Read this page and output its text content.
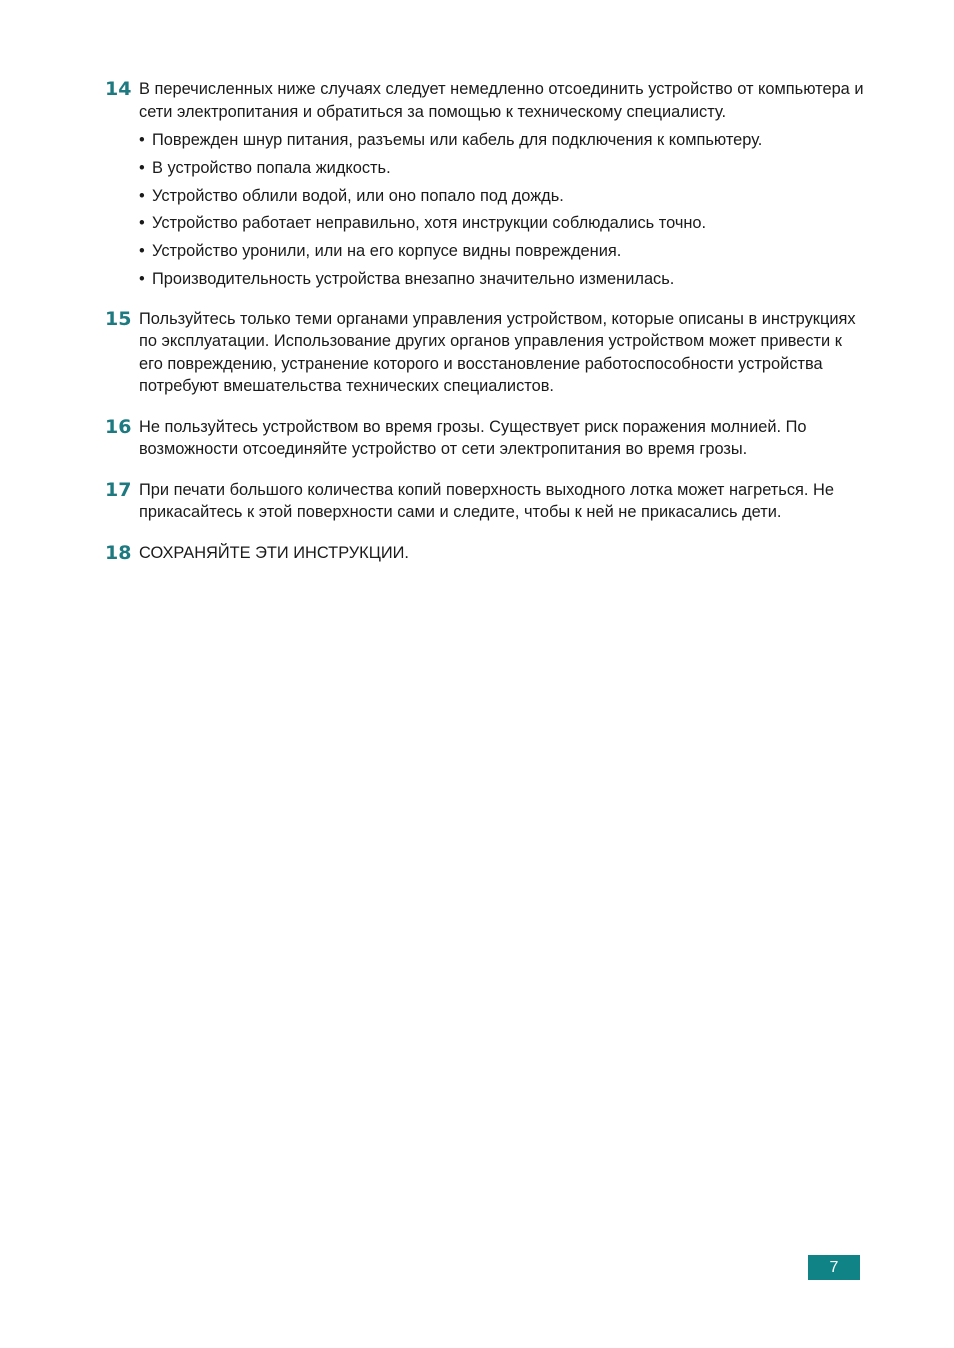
14 В перечисленных ниже случаях следует немедленно отсоединить устройство от компьютера и сети электропитания и обратиться за помощью к техническому специалисту.
• Поврежден шнур питания, разъемы или кабель для подключения к компьютеру.
• В устройство попала жидкость.
• Устройство облили водой, или оно попало под дождь.
• Устройство работает неправильно, хотя инструкции соблюдались точно.
• Устройство уронили, или на его корпусе видны повреждения.
• Производительность устройства внезапно значительно изменилась.
15 Пользуйтесь только теми органами управления устройством, которые описаны в инструкциях по эксплуатации. Использование других органов управления устройством может привести к его повреждению, устранение которого и восстановление работоспособности устройства потребуют вмешательства технических специалистов.
16 Не пользуйтесь устройством во время грозы. Существует риск поражения молнией. По возможности отсоединяйте устройство от сети электропитания во время грозы.
17 При печати большого количества копий поверхность выходного лотка может нагреться. Не прикасайтесь к этой поверхности сами и следите, чтобы к ней не прикасались дети.
18 СОХРАНЯЙТЕ ЭТИ ИНСТРУКЦИИ.
7
